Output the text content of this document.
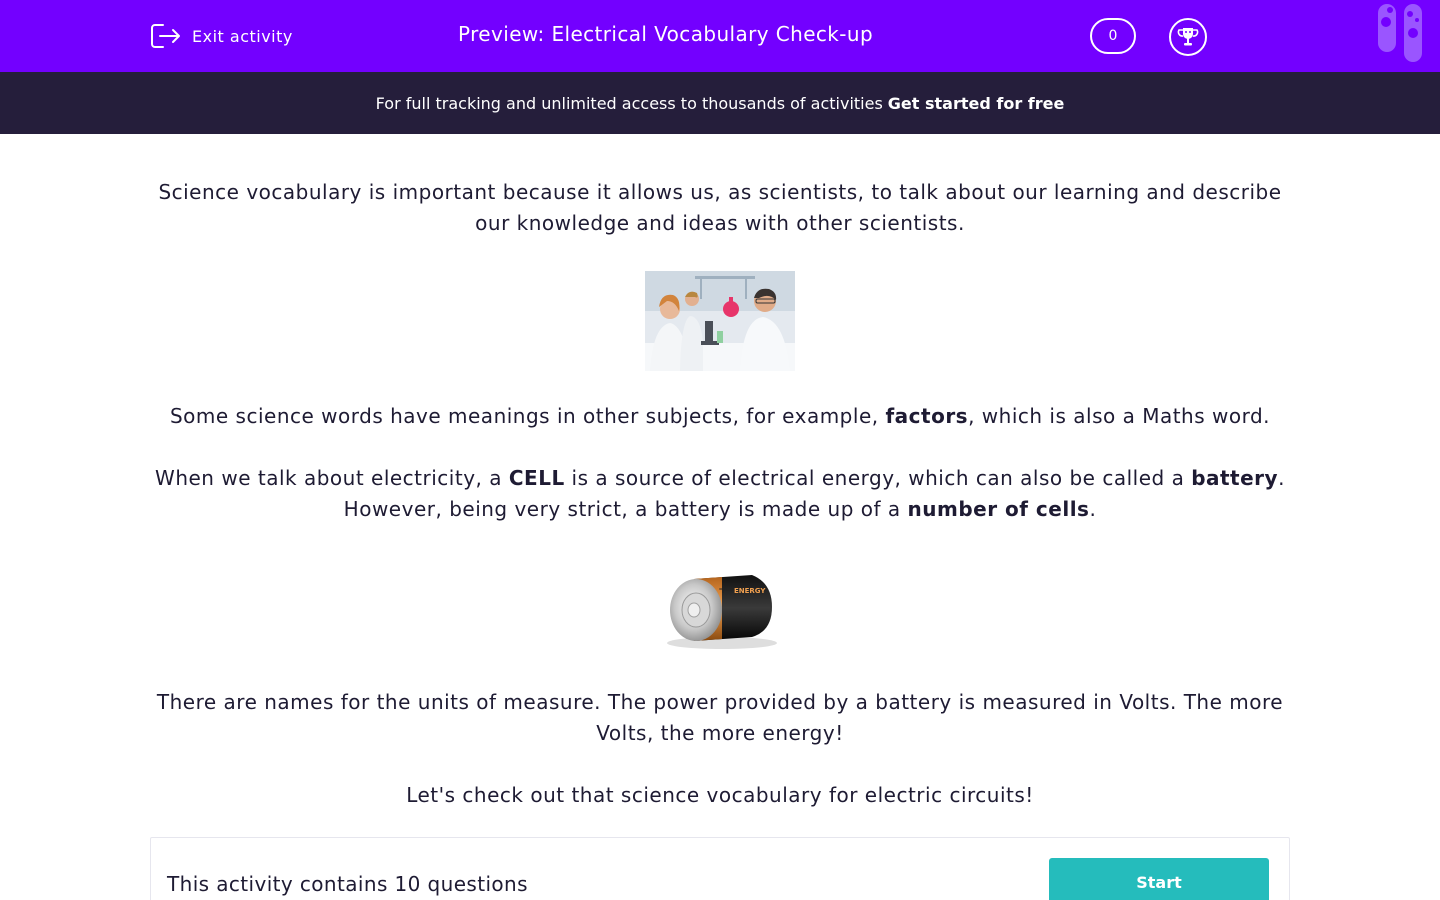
Exit activity	Preview: Electrical Vocabulary Check-up	0
For full tracking and unlimited access to thousands of activities Get started for free

Science vocabulary is important because it allows us, as scientists, to talk about our learning and describe our knowledge and ideas with other scientists.

Some science words have meanings in other subjects, for example, factors, which is also a Maths word.

When we talk about electricity, a CELL is a source of electrical energy, which can also be called a battery. However, being very strict, a battery is made up of a number of cells.

There are names for the units of measure. The power provided by a battery is measured in Volts. The more Volts, the more energy!

Let's check out that science vocabulary for electric circuits!

+ ENERGY
This activity contains 10 questions	Start
